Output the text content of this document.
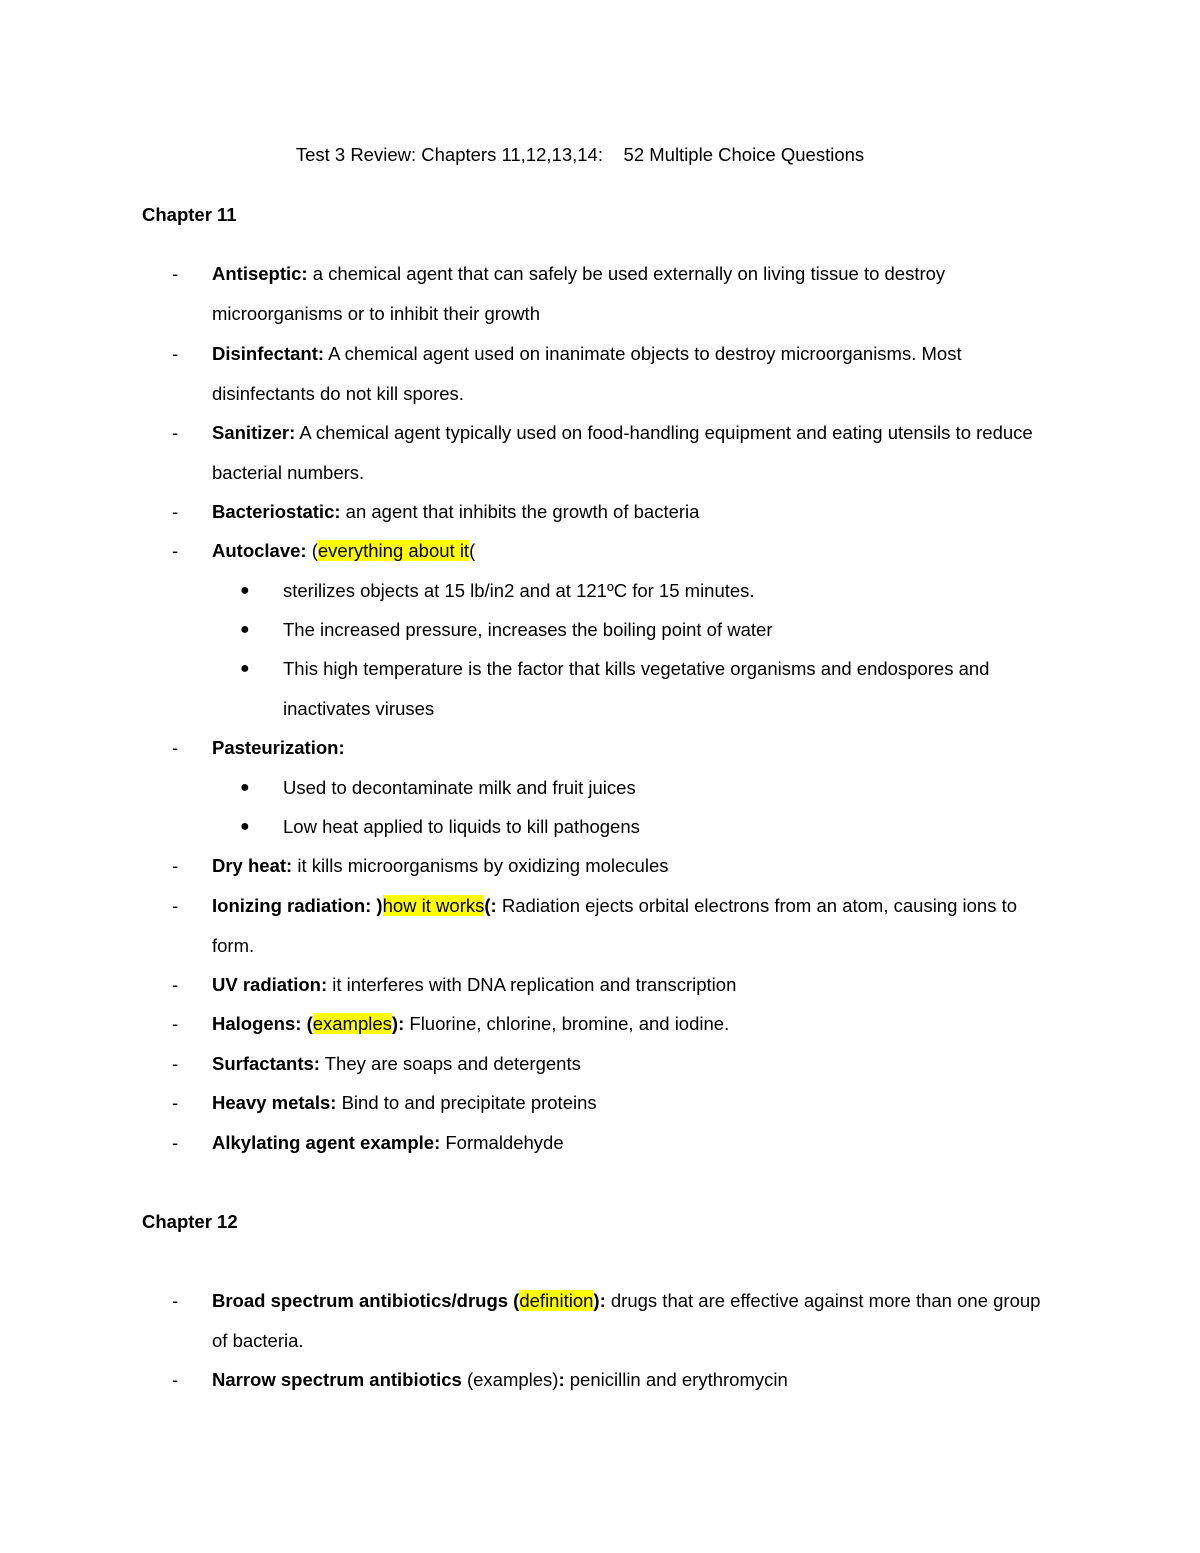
Test 3 Review: Chapters 11,12,13,14:    52 Multiple Choice Questions
Chapter 11
-	Antiseptic: a chemical agent that can safely be used externally on living tissue to destroy microorganisms or to inhibit their growth
-	Disinfectant: A chemical agent used on inanimate objects to destroy microorganisms. Most disinfectants do not kill spores.
-	Sanitizer: A chemical agent typically used on food-handling equipment and eating utensils to reduce bacterial numbers.
-	Bacteriostatic: an agent that inhibits the growth of bacteria
-	Autoclave: (everything about it(
● sterilizes objects at 15 lb/in2 and at 121ºC for 15 minutes.
● The increased pressure, increases the boiling point of water
● This high temperature is the factor that kills vegetative organisms and endospores and inactivates viruses
-	Pasteurization:
● Used to decontaminate milk and fruit juices
● Low heat applied to liquids to kill pathogens
-	Dry heat: it kills microorganisms by oxidizing molecules
-	Ionizing radiation: )how it works(: Radiation ejects orbital electrons from an atom, causing ions to form.
-	UV radiation: it interferes with DNA replication and transcription
-	Halogens: (examples): Fluorine, chlorine, bromine, and iodine.
-	Surfactants: They are soaps and detergents
-	Heavy metals: Bind to and precipitate proteins
-	Alkylating agent example: Formaldehyde
Chapter 12
-	Broad spectrum antibiotics/drugs (definition): drugs that are effective against more than one group of bacteria.
-	Narrow spectrum antibiotics (examples): penicillin and erythromycin
